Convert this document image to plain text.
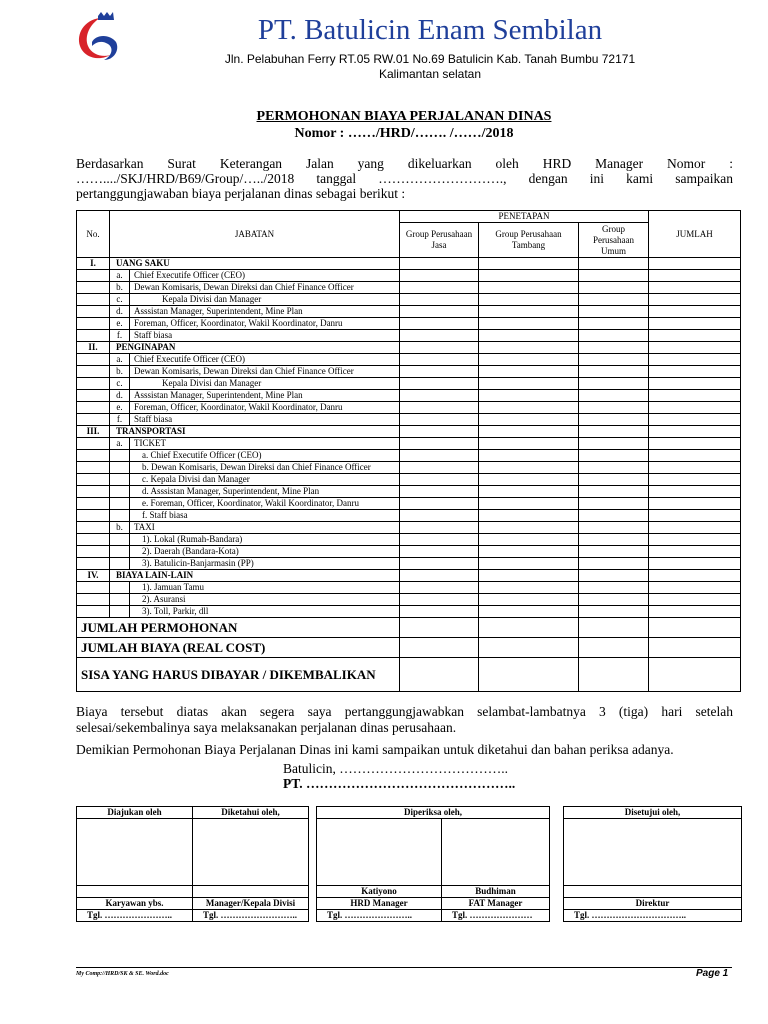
PT. Batulicin Enam Sembilan
Jln. Pelabuhan Ferry RT.05 RW.01 No.69 Batulicin Kab. Tanah Bumbu 72171
Kalimantan selatan
PERMOHONAN BIAYA PERJALANAN DINAS
Nomor : ……/HRD/……. /……/2018
Berdasarkan Surat Keterangan Jalan yang dikeluarkan oleh HRD Manager Nomor :
……..../SKJ/HRD/B69/Group/…../2018 tanggal ………………………., dengan ini kami sampaikan
pertanggungjawaban biaya perjalanan dinas sebagai berikut :
No.	JABATAN		PENETAPAN			JUMLAH
			Group Perusahaan Jasa	Group Perusahaan Tambang	Group Perusahaan Umum	
I.	UANG SAKU					
	a.	Chief Executife Officer (CEO)				
	b.	Dewan Komisaris, Dewan Direksi dan Chief Finance Officer				
	c.	Kepala Divisi dan Manager				
	d.	Asssistan Manager, Superintendent, Mine Plan				
	e.	Foreman, Officer, Koordinator, Wakil Koordinator, Danru				
	f.	Staff biasa				
II.	PENGINAPAN					
	a.	Chief Executife Officer (CEO)				
	b.	Dewan Komisaris, Dewan Direksi dan Chief Finance Officer				
	c.	Kepala Divisi dan Manager				
	d.	Asssistan Manager, Superintendent, Mine Plan				
	e.	Foreman, Officer, Koordinator, Wakil Koordinator, Danru				
	f.	Staff biasa				
III.	TRANSPORTASI					
	a.	TICKET				
		a. Chief Executife Officer (CEO)				
		b. Dewan Komisaris, Dewan Direksi dan Chief Finance Officer				
		c. Kepala Divisi dan Manager				
		d. Asssistan Manager, Superintendent, Mine Plan				
		e. Foreman, Officer, Koordinator, Wakil Koordinator, Danru				
		f. Staff biasa				
	b.	TAXI				
		1). Lokal (Rumah-Bandara)				
		2). Daerah (Bandara-Kota)				
		3). Batulicin-Banjarmasin (PP)				
IV.	BIAYA LAIN-LAIN					
		1). Jamuan Tamu				
		2). Asuransi				
		3). Toll, Parkir, dll				
JUMLAH PERMOHONAN						
JUMLAH BIAYA (REAL COST)						
SISA YANG HARUS DIBAYAR / DIKEMBALIKAN						
Biaya tersebut diatas akan segera saya pertanggungjawabkan selambat-lambatnya 3 (tiga) hari setelah selesai/sekembalinya saya melaksanakan perjalanan dinas perusahaan.
Demikian Permohonan Biaya Perjalanan Dinas ini kami sampaikan untuk diketahui dan bahan periksa adanya.
Batulicin, ………………………………..
PT. ………………………………………..
Diajukan oleh	Diketahui oleh,

Karyawan ybs.	Manager/Kepala Divisi
Tgl. …………………..	Tgl. ……………………..
Diperiksa oleh,	

Katiyono	Budhiman
HRD Manager	FAT Manager
Tgl. …………………..	Tgl. …………………
Disetujui oleh,

Direktur
Tgl. …………………………..
My Comp://HRD/SK & SE. Word.doc	Page 1
